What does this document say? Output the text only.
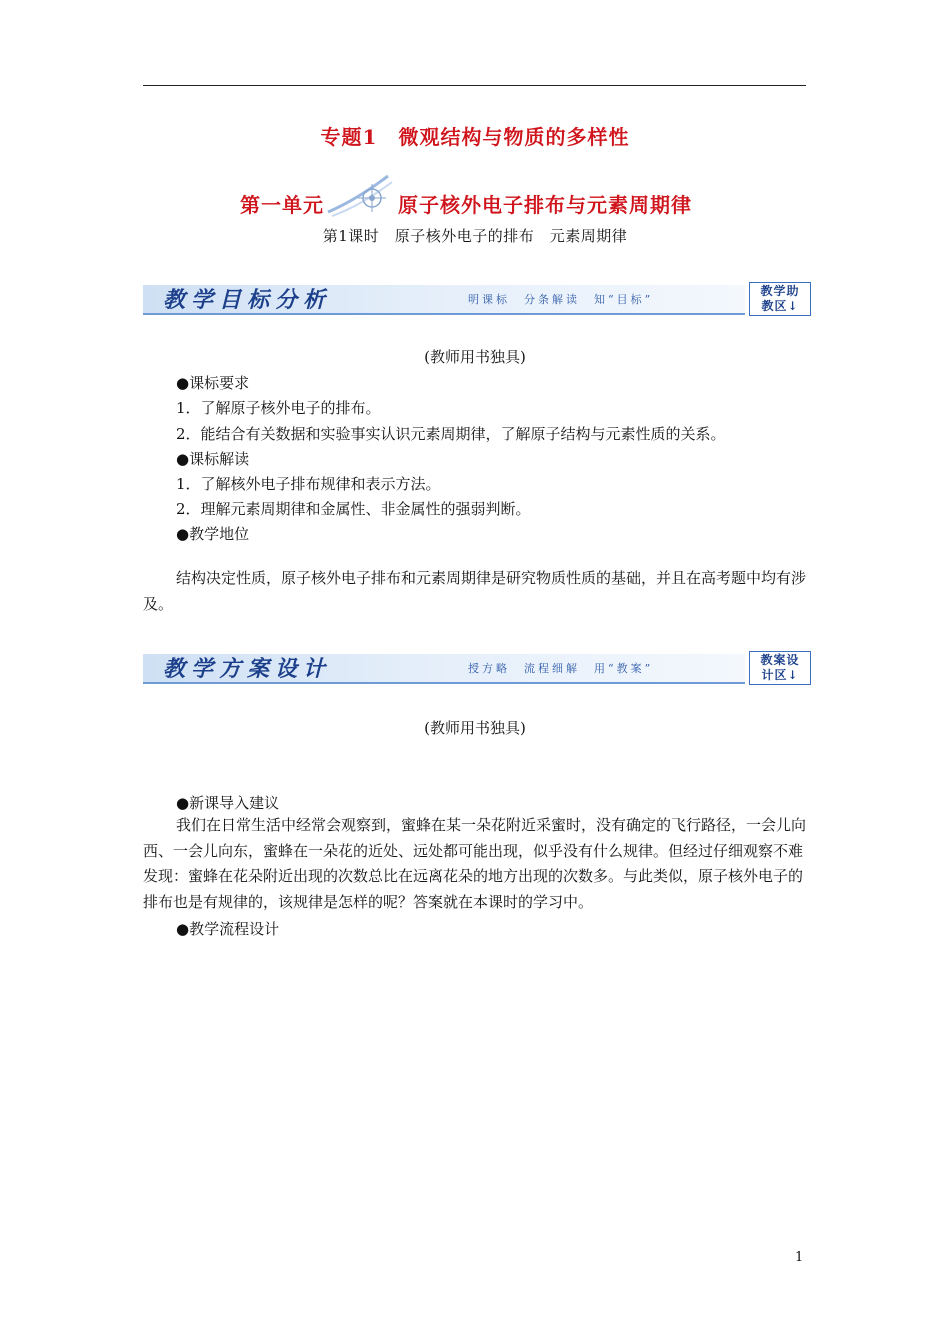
专题1　微观结构与物质的多样性
第一单元	原子核外电子排布与元素周期律
第1课时　原子核外电子的排布　元素周期律
教学目标分析	明课标　分条解读　知“目标”
教学助
教区↓
(教师用书独具)
● 课标要求
1．了解原子核外电子的排布。
2．能结合有关数据和实验事实认识元素周期律，了解原子结构与元素性质的关系。
● 课标解读
1．了解核外电子排布规律和表示方法。
2．理解元素周期律和金属性、非金属性的强弱判断。
● 教学地位
结构决定性质，原子核外电子排布和元素周期律是研究物质性质的基础，并且在高考题中均有涉及。
教学方案设计	授方略　流程细解　用“教案”
教案设
计区↓
(教师用书独具)
● 新课导入建议
我们在日常生活中经常会观察到，蜜蜂在某一朵花附近采蜜时，没有确定的飞行路径，一会儿向西、一会儿向东，蜜蜂在一朵花的近处、远处都可能出现，似乎没有什么规律。但经过仔细观察不难发现：蜜蜂在花朵附近出现的次数总比在远离花朵的地方出现的次数多。与此类似，原子核外电子的排布也是有规律的，该规律是怎样的呢？答案就在本课时的学习中。
● 教学流程设计
1
